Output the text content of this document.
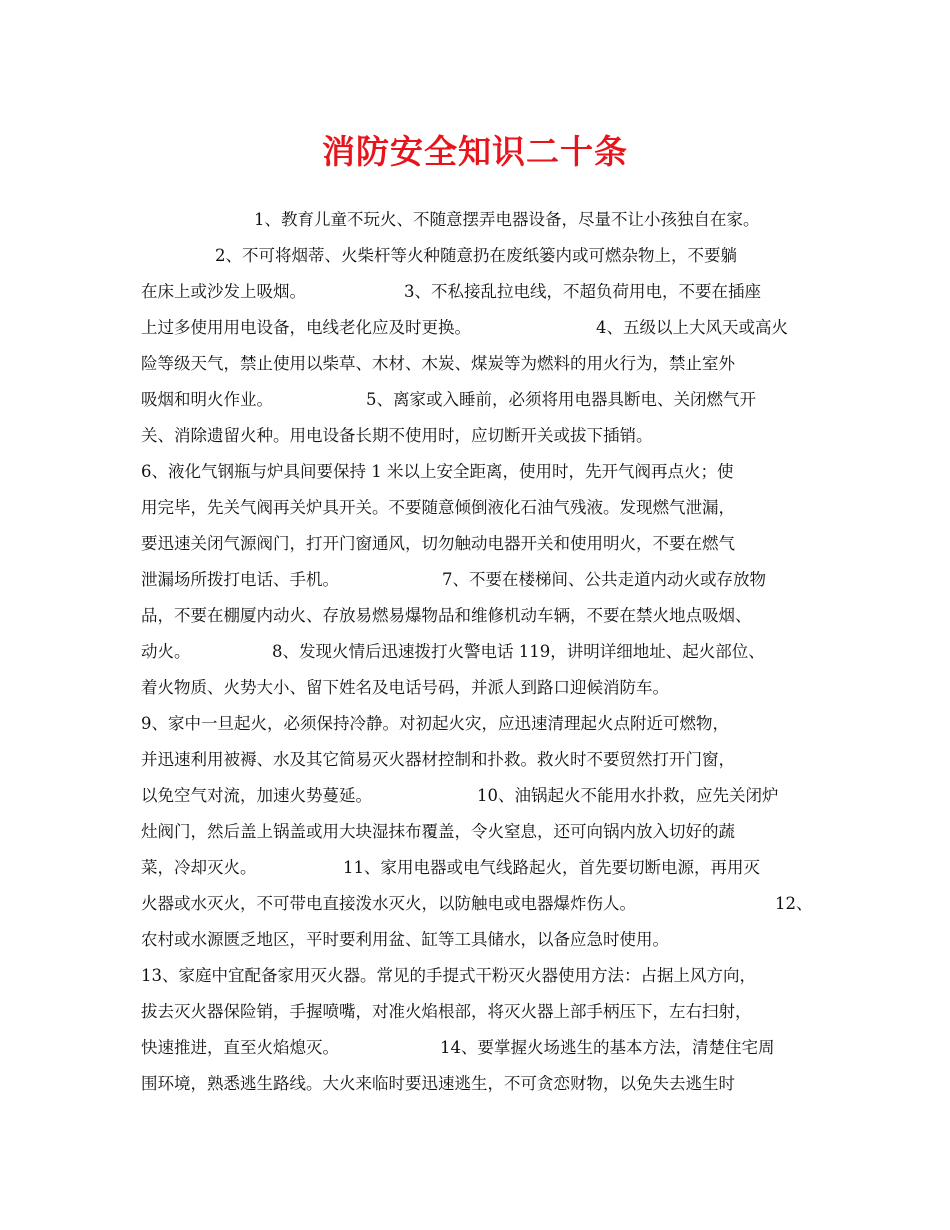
消防安全知识二十条
1、教育儿童不玩火、不随意摆弄电器设备，尽量不让小孩独自在家。
2、不可将烟蒂、火柴杆等火种随意扔在废纸篓内或可燃杂物上，不要躺
在床上或沙发上吸烟。	3、不私接乱拉电线，不超负荷用电，不要在插座
上过多使用用电设备，电线老化应及时更换。	4、五级以上大风天或高火
险等级天气，禁止使用以柴草、木材、木炭、煤炭等为燃料的用火行为，禁止室外
吸烟和明火作业。	5、离家或入睡前，必须将用电器具断电、关闭燃气开
关、消除遗留火种。用电设备长期不使用时，应切断开关或拔下插销。
6、液化气钢瓶与炉具间要保持 1 米以上安全距离，使用时，先开气阀再点火；使
用完毕，先关气阀再关炉具开关。不要随意倾倒液化石油气残液。发现燃气泄漏，
要迅速关闭气源阀门，打开门窗通风，切勿触动电器开关和使用明火，不要在燃气
泄漏场所拨打电话、手机。	7、不要在楼梯间、公共走道内动火或存放物
品，不要在棚厦内动火、存放易燃易爆物品和维修机动车辆，不要在禁火地点吸烟、
动火。	8、发现火情后迅速拨打火警电话 119，讲明详细地址、起火部位、
着火物质、火势大小、留下姓名及电话号码，并派人到路口迎候消防车。
9、家中一旦起火，必须保持冷静。对初起火灾，应迅速清理起火点附近可燃物，
并迅速利用被褥、水及其它简易灭火器材控制和扑救。救火时不要贸然打开门窗，
以免空气对流，加速火势蔓延。	10、油锅起火不能用水扑救，应先关闭炉
灶阀门，然后盖上锅盖或用大块湿抹布覆盖，令火窒息，还可向锅内放入切好的蔬
菜，冷却灭火。	11、家用电器或电气线路起火，首先要切断电源，再用灭
火器或水灭火，不可带电直接泼水灭火，以防触电或电器爆炸伤人。	12、
农村或水源匮乏地区，平时要利用盆、缸等工具储水，以备应急时使用。
13、家庭中宜配备家用灭火器。常见的手提式干粉灭火器使用方法：占据上风方向，
拔去灭火器保险销，手握喷嘴，对准火焰根部，将灭火器上部手柄压下，左右扫射，
快速推进，直至火焰熄灭。	14、要掌握火场逃生的基本方法，清楚住宅周
围环境，熟悉逃生路线。大火来临时要迅速逃生，不可贪恋财物，以免失去逃生时
